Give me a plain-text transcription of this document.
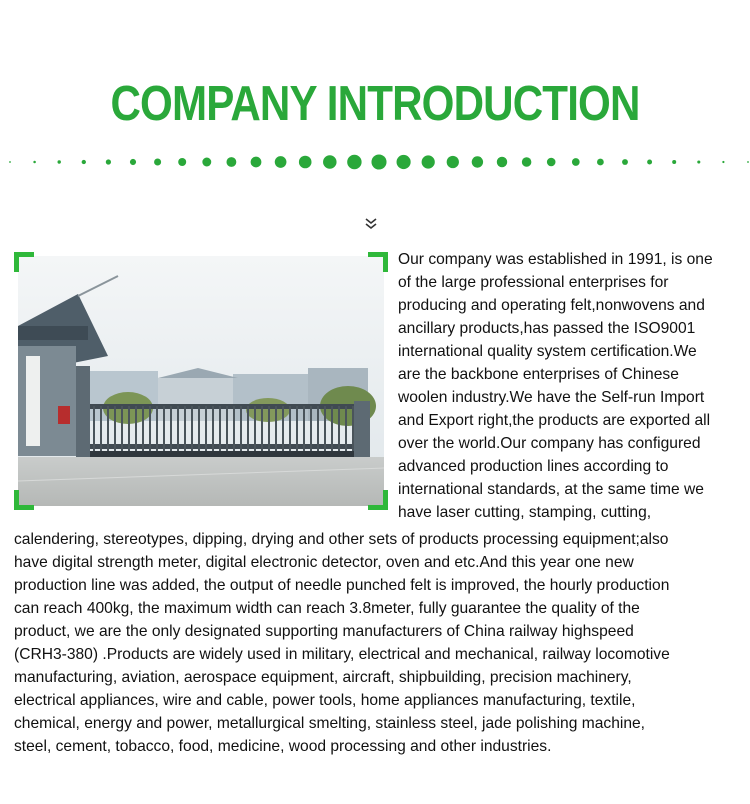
COMPANY INTRODUCTION
Our company was established in 1991, is one
of the large professional enterprises for
producing and operating felt,nonwovens and
ancillary products,has passed the ISO9001
international quality system certification.We
are the backbone enterprises of Chinese
woolen industry.We have the Self-run Import
and Export right,the products are exported all
over the world.Our company has configured
advanced production lines according to
international standards, at the same time we
have laser cutting, stamping, cutting,
calendering, stereotypes, dipping, drying and other sets of products processing equipment;also
have digital strength meter, digital electronic detector, oven and etc.And this year one new
production line was added, the output of needle punched felt is improved, the hourly production
can reach 400kg, the maximum width can reach 3.8meter, fully guarantee the quality of the
product, we are the only designated supporting manufacturers of China railway highspeed
(CRH3-380) .Products are widely used in military, electrical and mechanical, railway locomotive
manufacturing, aviation, aerospace equipment, aircraft, shipbuilding, precision machinery,
electrical appliances, wire and cable, power tools, home appliances manufacturing, textile,
chemical, energy and power, metallurgical smelting, stainless steel, jade polishing machine,
steel, cement, tobacco, food, medicine, wood processing and other industries.
